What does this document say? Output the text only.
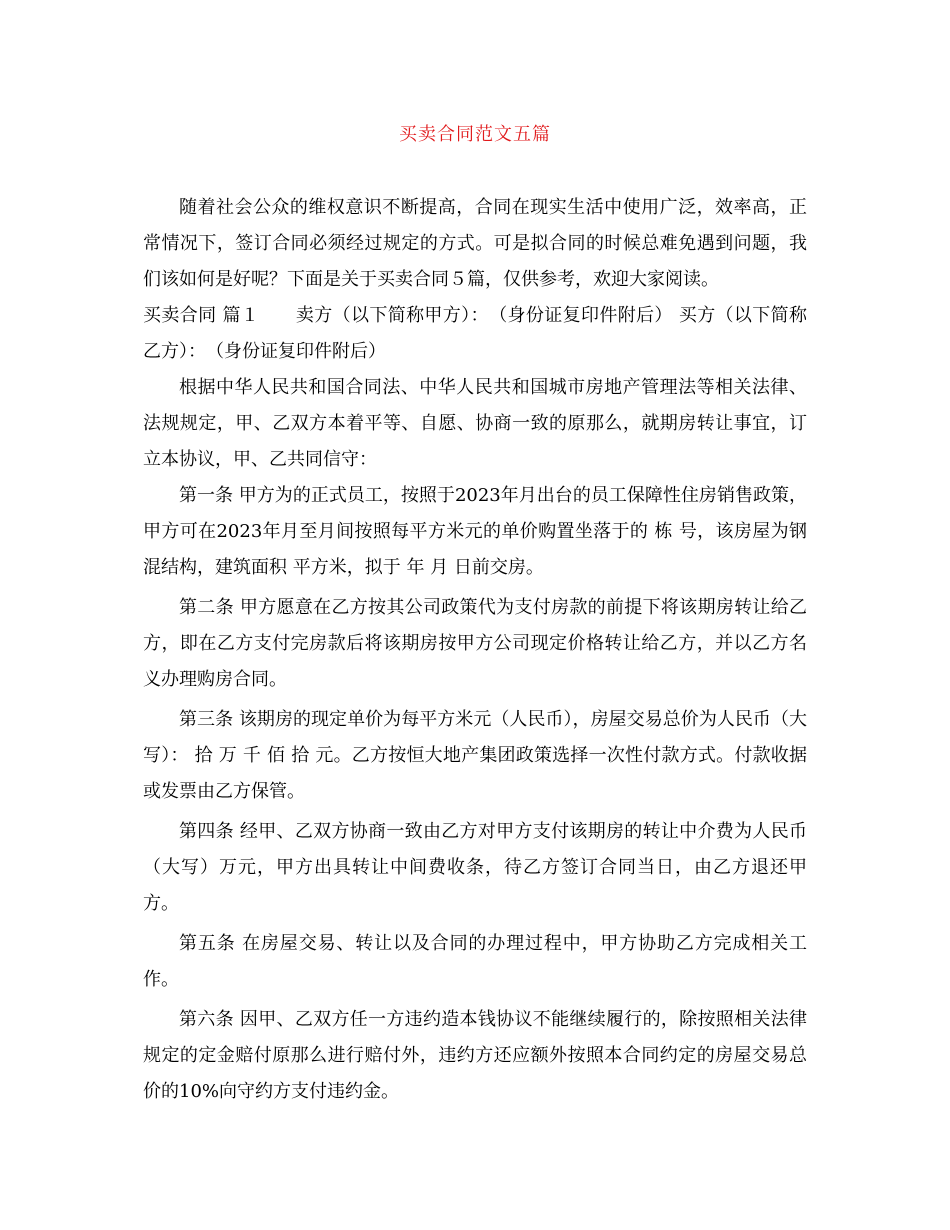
买卖合同范文五篇

随着社会公众的维权意识不断提高，合同在现实生活中使用广泛，效率高，正常情况下，签订合同必须经过规定的方式。可是拟合同的时候总难免遇到问题，我们该如何是好呢？下面是关于买卖合同５篇，仅供参考，欢迎大家阅读。

买卖合同 篇１　　卖方（以下简称甲方）：　（身份证复印件附后） 买方（以下简称乙方）：　（身份证复印件附后）

根据中华人民共和国合同法、中华人民共和国城市房地产管理法等相关法律、法规规定，甲、乙双方本着平等、自愿、协商一致的原那么，就期房转让事宜，订立本协议，甲、乙共同信守：

第一条 甲方为的正式员工，按照于2023年月出台的员工保障性住房销售政策，甲方可在2023年月至月间按照每平方米元的单价购置坐落于的 栋 号，该房屋为钢混结构，建筑面积 平方米，拟于 年 月 日前交房。

第二条 甲方愿意在乙方按其公司政策代为支付房款的前提下将该期房转让给乙方，即在乙方支付完房款后将该期房按甲方公司现定价格转让给乙方，并以乙方名义办理购房合同。

第三条 该期房的现定单价为每平方米元（人民币），房屋交易总价为人民币（大写）： 拾 万 千 佰 拾 元。乙方按恒大地产集团政策选择一次性付款方式。付款收据或发票由乙方保管。

第四条 经甲、乙双方协商一致由乙方对甲方支付该期房的转让中介费为人民币（大写）万元，甲方出具转让中间费收条，待乙方签订合同当日，由乙方退还甲方。

第五条 在房屋交易、转让以及合同的办理过程中，甲方协助乙方完成相关工作。

第六条 因甲、乙双方任一方违约造本钱协议不能继续履行的，除按照相关法律规定的定金赔付原那么进行赔付外，违约方还应额外按照本合同约定的房屋交易总价的10%向守约方支付违约金。
